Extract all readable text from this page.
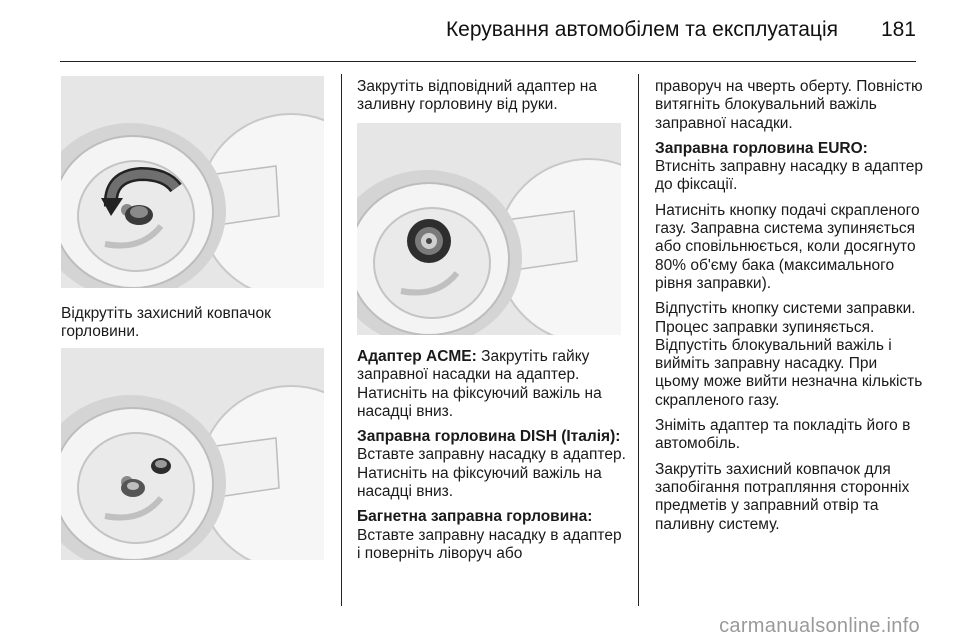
Керування автомобілем та експлуатація 181

Відкрутіть захисний ковпачок горловини.

Закрутіть відповідний адаптер на заливну горловину від руки.

Адаптер ACME: Закрутіть гайку заправної насадки на адаптер. Натисніть на фіксуючий важіль на насадці вниз.

Заправна горловина DISH (Італія): Вставте заправну насадку в адаптер. Натисніть на фіксуючий важіль на насадці вниз.

Багнетна заправна горловина: Вставте заправну насадку в адаптер і поверніть ліворуч або

праворуч на чверть оберту. Повністю витягніть блокувальний важіль заправної насадки.

Заправна горловина EURO: Втисніть заправну насадку в адаптер до фіксації.

Натисніть кнопку подачі скрапленого газу. Заправна система зупиняється або сповільнюється, коли досягнуто 80% об'єму бака (максимального рівня заправки).

Відпустіть кнопку системи заправки. Процес заправки зупиняється. Відпустіть блокувальний важіль і вийміть заправну насадку. При цьому може вийти незначна кількість скрапленого газу.

Зніміть адаптер та покладіть його в автомобіль.

Закрутіть захисний ковпачок для запобігання потрапляння сторонніх предметів у заправний отвір та паливну систему.

carmanualsonline.info
